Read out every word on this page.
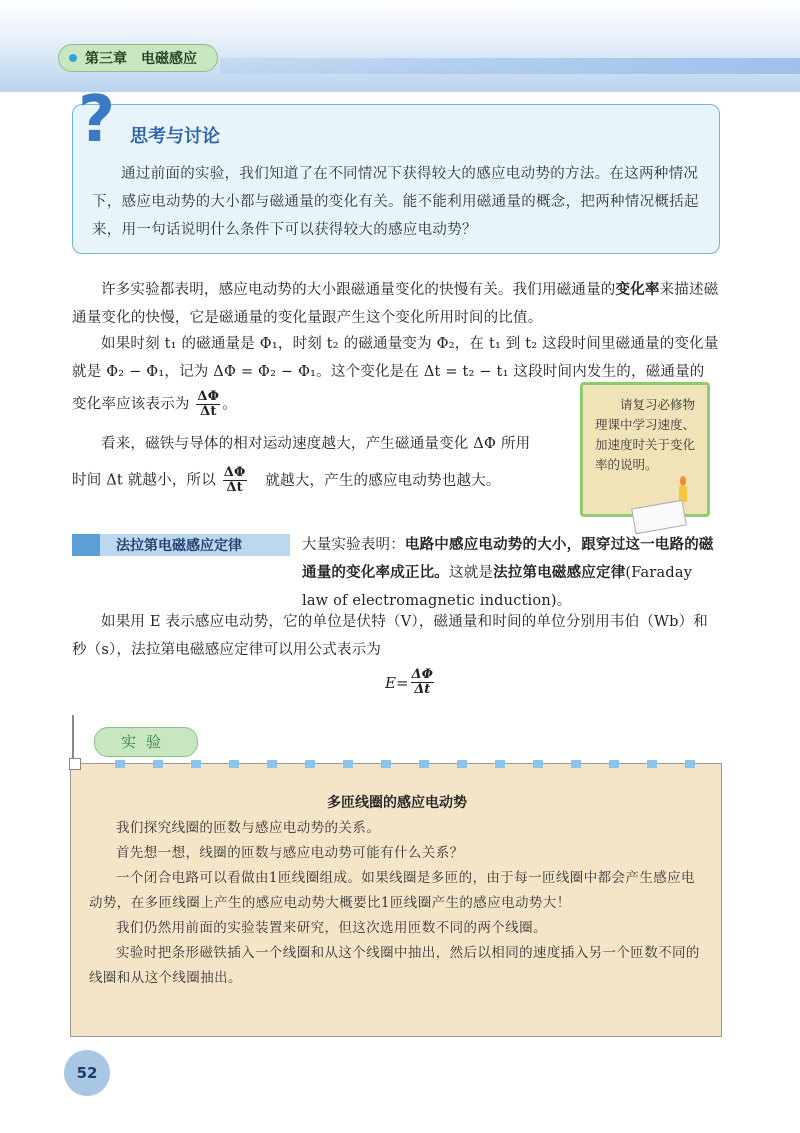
第三章 电磁感应
? 思考与讨论
通过前面的实验，我们知道了在不同情况下获得较大的感应电动势的方法。在这两种情况下，感应电动势的大小都与磁通量的变化有关。能不能利用磁通量的概念，把两种情况概括起来，用一句话说明什么条件下可以获得较大的感应电动势？
许多实验都表明，感应电动势的大小跟磁通量变化的快慢有关。我们用磁通量的变化率来描述磁通量变化的快慢，它是磁通量的变化量跟产生这个变化所用时间的比值。
如果时刻 t₁ 的磁通量是 Φ₁，时刻 t₂ 的磁通量变为 Φ₂，在 t₁ 到 t₂ 这段时间里磁通量的变化量就是 Φ₂ − Φ₁，记为 ΔΦ = Φ₂ − Φ₁。这个变化是在 Δt = t₂ − t₁ 这段时间内发生的，磁通量的
变化率应该表示为 $\frac{\Delta\Phi}{\Delta t}$ 。
看来，磁铁与导体的相对运动速度越大，产生磁通量变化 ΔΦ 所用
时间 Δt 就越小，所以 $\frac{\Delta\Phi}{\Delta t}$ 就越大，产生的感应电动势也越大。
请复习必修物理课中学习速度、加速度时关于变化率的说明。
法拉第电磁感应定律	大量实验表明：电路中感应电动势的大小，跟穿过这一电路的磁通量的变化率成正比。这就是法拉第电磁感应定律(Faraday law of electromagnetic induction)。
如果用 E 表示感应电动势，它的单位是伏特（V），磁通量和时间的单位分别用韦伯（Wb）和秒（s），法拉第电磁感应定律可以用公式表示为
$E= \frac{\Delta\Phi}{\Delta t}$
实验
多匝线圈的感应电动势

我们探究线圈的匝数与感应电动势的关系。

首先想一想，线圈的匝数与感应电动势可能有什么关系？

一个闭合电路可以看做由1匝线圈组成。如果线圈是多匝的，由于每一匝线圈中都会产生感应电动势，在多匝线圈上产生的感应电动势大概要比1匝线圈产生的感应电动势大！

我们仍然用前面的实验装置来研究，但这次选用匝数不同的两个线圈。

实验时把条形磁铁插入一个线圈和从这个线圈中抽出，然后以相同的速度插入另一个匝数不同的线圈和从这个线圈抽出。

52
